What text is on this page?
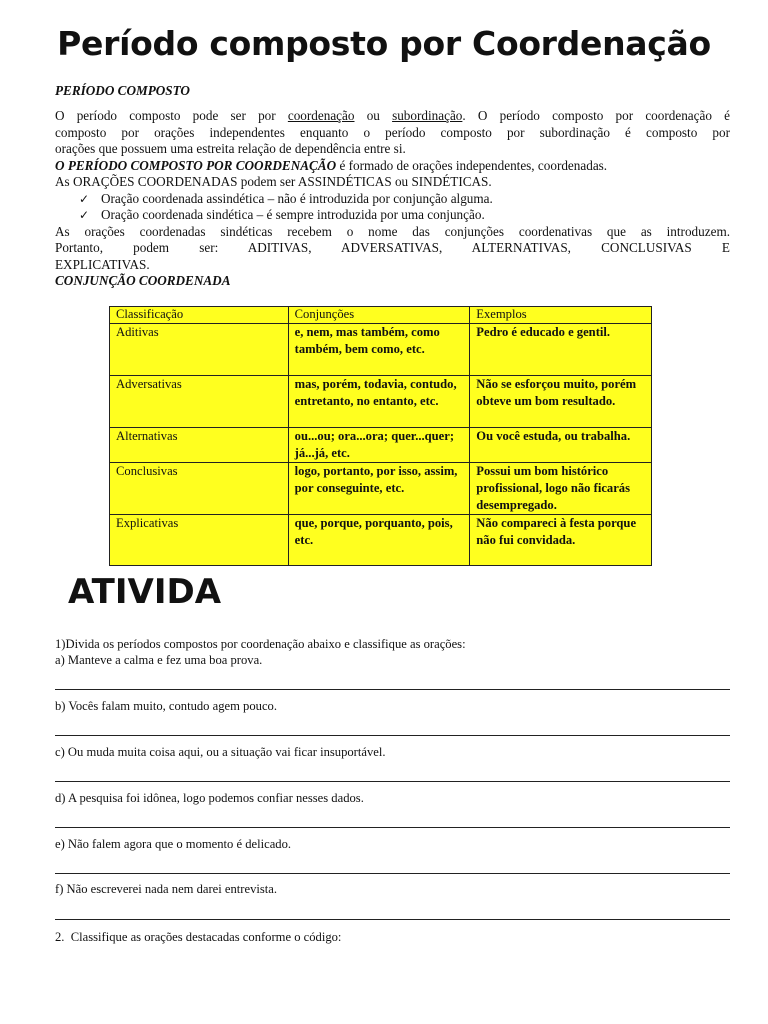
Período composto por Coordenação
PERÍODO COMPOSTO
O período composto pode ser por coordenação ou subordinação. O período composto por coordenação é
composto por orações independentes enquanto o período composto por subordinação é composto por
orações que possuem uma estreita relação de dependência entre si.
O PERÍODO COMPOSTO POR COORDENAÇÃO é formado de orações independentes, coordenadas.
As ORAÇÕES COORDENADAS podem ser ASSINDÉTICAS ou SINDÉTICAS.
✓ Oração coordenada assindética – não é introduzida por conjunção alguma.
✓ Oração coordenada sindética – é sempre introduzida por uma conjunção.
As orações coordenadas sindéticas recebem o nome das conjunções coordenativas que as introduzem.
Portanto, podem ser: ADITIVAS, ADVERSATIVAS, ALTERNATIVAS, CONCLUSIVAS E
EXPLICATIVAS.
CONJUNÇÃO COORDENADA
Classificação	Conjunções	Exemplos
Aditivas	e, nem, mas também, como também, bem como, etc.	Pedro é educado e gentil.
Adversativas	mas, porém, todavia, contudo, entretanto, no entanto, etc.	Não se esforçou muito, porém obteve um bom resultado.
Alternativas	ou...ou; ora...ora; quer...quer; já...já, etc.	Ou você estuda, ou trabalha.
Conclusivas	logo, portanto, por isso, assim, por conseguinte, etc.	Possui um bom histórico profissional, logo não ficarás desempregado.
Explicativas	que, porque, porquanto, pois, etc.	Não compareci à festa porque não fui convidada.
ATIVIDA
1)Divida os períodos compostos por coordenação abaixo e classifique as orações:
a) Manteve a calma e fez uma boa prova.
b) Vocês falam muito, contudo agem pouco.
c) Ou muda muita coisa aqui, ou a situação vai ficar insuportável.
d) A pesquisa foi idônea, logo podemos confiar nesses dados.
e) Não falem agora que o momento é delicado.
f) Não escreverei nada nem darei entrevista.
2. Classifique as orações destacadas conforme o código:
